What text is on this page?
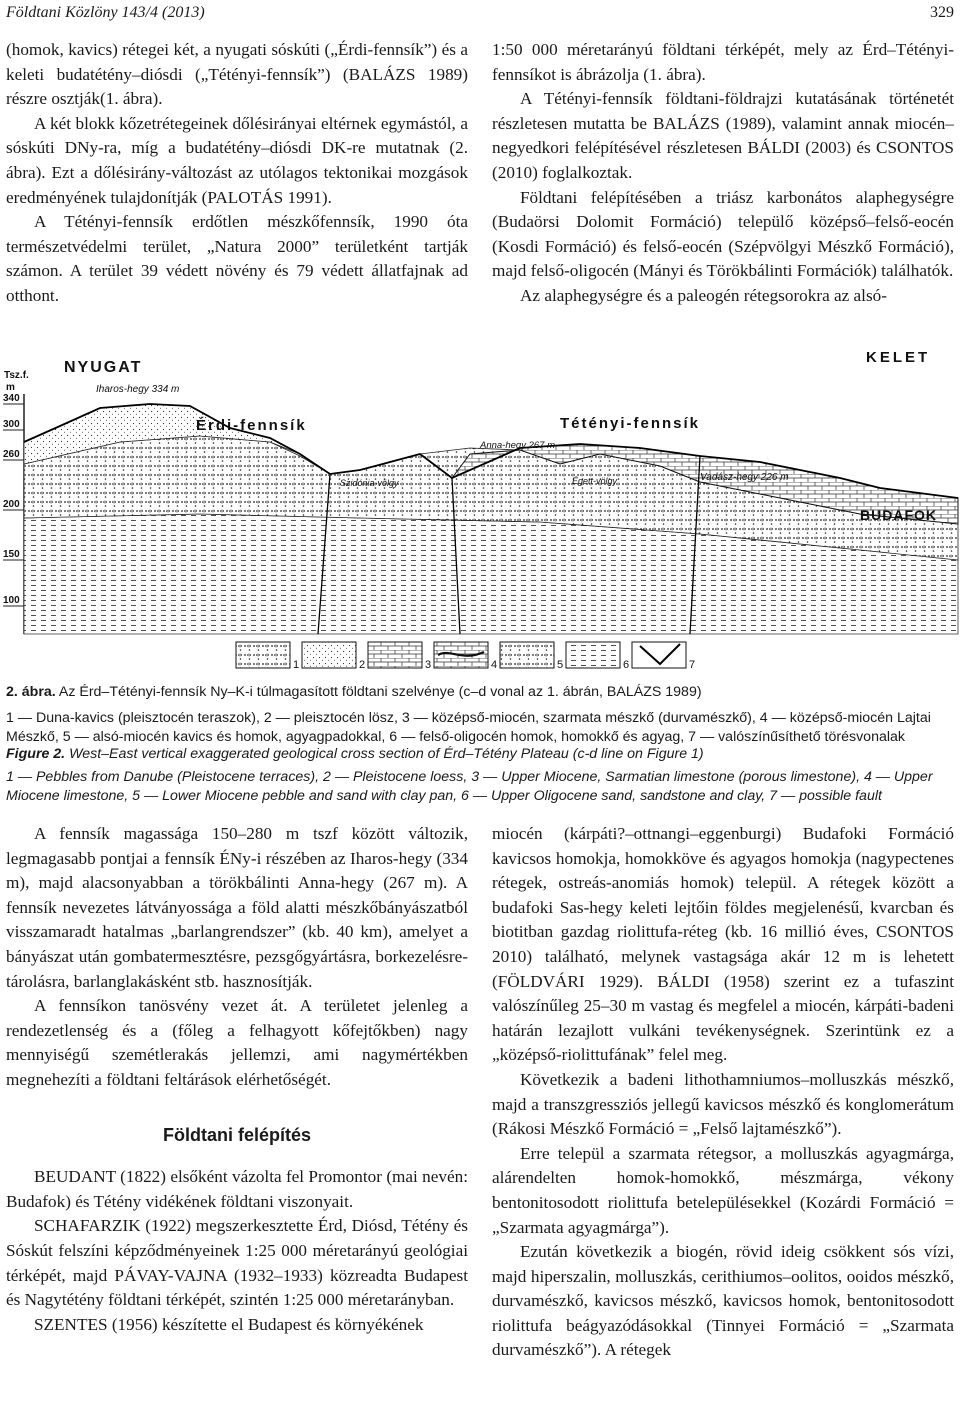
Földtani Közlöny 143/4 (2013)	329

(homok, kavics) rétegei két, a nyugati sóskúti („Érdi-fennsík”) és a keleti budatétény–diósdi („Tétényi-fennsík”) (BALÁZS 1989) részre osztják(1. ábra).

A két blokk kőzetrétegeinek dőlésirányai eltérnek egymástól, a sóskúti DNy-ra, míg a budatétény–diósdi DK-re mutatnak (2. ábra). Ezt a dőlésirány-változást az utólagos tektonikai mozgások eredményének tulajdonítják (PALOTÁS 1991).

A Tétényi-fennsík erdőtlen mészkőfennsík, 1990 óta természetvédelmi terület, „Natura 2000” területként tartják számon. A terület 39 védett növény és 79 védett állatfajnak ad otthont.

1:50 000 méretarányú földtani térképét, mely az Érd–Tétényi-fennsíkot is ábrázolja (1. ábra).

A Tétényi-fennsík földtani-földrajzi kutatásának történetét részletesen mutatta be BALÁZS (1989), valamint annak miocén–negyedkori felépítésével részletesen BÁLDI (2003) és CSONTOS (2010) foglalkoztak.

Földtani felépítésében a triász karbonátos alaphegységre (Budaörsi Dolomit Formáció) települő középső–felső-eocén (Kosdi Formáció) és felső-eocén (Szépvölgyi Mészkő Formáció), majd felső-oligocén (Mányi és Törökbálinti Formációk) találhatók.

Az alaphegységre és a paleogén rétegsorokra az alsó-

Tsz.f.
m
340
300
260
200
150
100
NYUGAT
KELET
Iharos-hegy 334 m
Érdi-fennsík	Tétényi-fennsík
Anna-hegy 267 m
Szidónia-völgy	Égett-völgy	Vadász-hegy 226 m
BUDAFOK
1	2	3	4	5	6	7
2. ábra. Az Érd–Tétényi-fennsík Ny–K-i túlmagasított földtani szelvénye (c–d vonal az 1. ábrán, BALÁZS 1989)
1 — Duna-kavics (pleisztocén teraszok), 2 — pleisztocén lösz, 3 — középső-miocén, szarmata mészkő (durvamészkő), 4 — középső-miocén Lajtai Mészkő, 5 — alsó-miocén kavics és homok, agyagpadokkal, 6 — felső-oligocén homok, homokkő és agyag, 7 — valószínűsíthető törésvonalak
Figure 2. West–East vertical exaggerated geological cross section of Érd–Tétény Plateau (c-d line on Figure 1)
1 — Pebbles from Danube (Pleistocene terraces), 2 — Pleistocene loess, 3 — Upper Miocene, Sarmatian limestone (porous limestone), 4 — Upper Miocene limestone, 5 — Lower Miocene pebble and sand with clay pan, 6 — Upper Oligocene sand, sandstone and clay, 7 — possible fault

A fennsík magassága 150–280 m tszf között változik, legmagasabb pontjai a fennsík ÉNy-i részében az Iharos-hegy (334 m), majd alacsonyabban a törökbálinti Anna-hegy (267 m). A fennsík nevezetes látványossága a föld alatti mészkőbányászatból visszamaradt hatalmas „barlangrendszer” (kb. 40 km), amelyet a bányászat után gombatermesztésre, pezsgőgyártásra, borkezelésre-tárolásra, barlanglakásként stb. hasznosítják.

A fennsíkon tanösvény vezet át. A területet jelenleg a rendezetlenség és a (főleg a felhagyott kőfejtőkben) nagy mennyiségű szemétlerakás jellemzi, ami nagymértékben megnehezíti a földtani feltárások elérhetőségét.

Földtani felépítés

BEUDANT (1822) elsőként vázolta fel Promontor (mai nevén: Budafok) és Tétény vidékének földtani viszonyait.

SCHAFARZIK (1922) megszerkesztette Érd, Diósd, Tétény és Sóskút felszíni képződményeinek 1:25 000 méretarányú geológiai térképét, majd PÁVAY-VAJNA (1932–1933) közreadta Budapest és Nagytétény földtani térképét, szintén 1:25 000 méretarányban.

SZENTES (1956) készítette el Budapest és környékének

miocén (kárpáti?–ottnangi–eggenburgi) Budafoki Formáció kavicsos homokja, homokköve és agyagos homokja (nagypectenes rétegek, ostreás-anomiás homok) települ. A rétegek között a budafoki Sas-hegy keleti lejtőin földes megjelenésű, kvarcban és biotitban gazdag riolittufa-réteg (kb. 16 millió éves, CSONTOS 2010) található, melynek vastagsága akár 12 m is lehetett (FÖLDVÁRI 1929). BÁLDI (1958) szerint ez a tufaszint valószínűleg 25–30 m vastag és megfelel a miocén, kárpáti-badeni határán lezajlott vulkáni tevékenységnek. Szerintünk ez a „középső-riolittufának” felel meg.

Következik a badeni lithothamniumos–molluszkás mészkő, majd a transzgressziós jellegű kavicsos mészkő és konglomerátum (Rákosi Mészkő Formáció = „Felső lajtamészkő”).

Erre települ a szarmata rétegsor, a molluszkás agyagmárga, alárendelten homok-homokkő, mészmárga, vékony bentonitosodott riolittufa betelepülésekkel (Kozárdi Formáció = „Szarmata agyagmárga”).

Ezután következik a biogén, rövid ideig csökkent sós vízi, majd hiperszalin, molluszkás, cerithiumos–oolitos, ooidos mészkő, durvamészkő, kavicsos mészkő, kavicsos homok, bentonitosodott riolittufa beágyazódásokkal (Tinnyei Formáció = „Szarmata durvamészkő”). A rétegek
